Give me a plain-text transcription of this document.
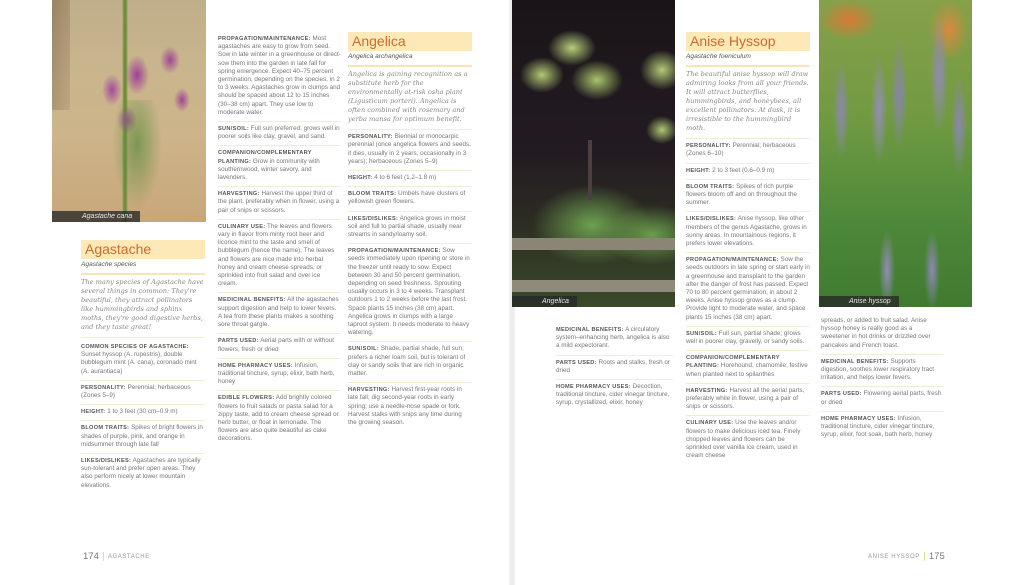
Agastache cana
Angelica	Anise hyssop
Agastache
Agastache species
The many species of Agastache have several things in common: They're beautiful, they attract pollinators like hummingbirds and sphinx moths, they're good digestive herbs, and they taste great!

COMMON SPECIES OF AGASTACHE: Sunset hyssop (A. rupestris), double bubblegum mint (A. cana), coronado mint (A. aurantiaca)

PERSONALITY: Perennial; herbaceous (Zones 5–9)

HEIGHT: 1 to 3 feet (30 cm–0.9 m)

BLOOM TRAITS: Spikes of bright flowers in shades of purple, pink, and orange in midsummer through late fall

LIKES/DISLIKES: Agastaches are typically sun-tolerant and prefer open areas. They also perform nicely at lower mountain elevations.

PROPAGATION/MAINTENANCE: Most agastaches are easy to grow from seed. Sow in late winter in a greenhouse or direct-sow them into the garden in late fall for spring emergence. Expect 40–75 percent germination, depending on the species, in 2 to 3 weeks. Agastaches grow in clumps and should be spaced about 12 to 15 inches (30–38 cm) apart. They use low to moderate water.

SUN/SOIL: Full sun preferred; grows well in poorer soils like clay, gravel, and sand.

COMPANION/COMPLEMENTARY PLANTING: Grow in community with southernwood, winter savory, and lavenders.

HARVESTING: Harvest the upper third of the plant, preferably when in flower, using a pair of snips or scissors.

CULINARY USE: The leaves and flowers vary in flavor from minty root beer and licorice mint to the taste and smell of bubblegum (hence the name). The leaves and flowers are nice made into herbal honey and cream cheese spreads, or sprinkled into fruit salad and over ice cream.

MEDICINAL BENEFITS: All the agastaches support digestion and help to lower fevers. A tea from these plants makes a soothing sore throat gargle.

PARTS USED: Aerial parts with or without flowers, fresh or dried

HOME PHARMACY USES: Infusion, traditional tincture, syrup, elixir, bath herb, honey

EDIBLE FLOWERS: Add brightly colored flowers to fruit salads or pasta salad for a zippy taste, add to cream cheese spread or herb butter, or float in lemonade. The flowers are also quite beautiful as cake decorations.

Angelica
Angelica archangelica
Angelica is gaining recognition as a substitute herb for the environmentally at-risk osha plant (Ligusticum porteri). Angelica is often combined with rosemary and yerba mansa for optimum benefit.

PERSONALITY: Biennial or monocarpic perennial (once angelica flowers and seeds, it dies, usually in 2 years, occasionally in 3 years); herbaceous (Zones 5–9)

HEIGHT: 4 to 6 feet (1.2–1.8 m)

BLOOM TRAITS: Umbels have clusters of yellowish green flowers.

LIKES/DISLIKES: Angelica grows in moist soil and full to partial shade, usually near streams in sandy/loamy soil.

PROPAGATION/MAINTENANCE: Sow seeds immediately upon ripening or store in the freezer until ready to sow. Expect between 30 and 50 percent germination, depending on seed freshness. Sprouting usually occurs in 3 to 4 weeks. Transplant outdoors 1 to 2 weeks before the last frost. Space plants 15 inches (38 cm) apart. Angelica grows in clumps with a large taproot system. It needs moderate to heavy watering.

SUN/SOIL: Shade, partial shade, full sun; prefers a richer loam soil, but is tolerant of clay or sandy soils that are rich in organic matter.

HARVESTING: Harvest first-year roots in late fall; dig second-year roots in early spring; use a needle-nose spade or fork. Harvest stalks with snips any time during the growing season.

MEDICINAL BENEFITS: A circulatory system–enhancing herb, angelica is also a mild expectorant.

PARTS USED: Roots and stalks, fresh or dried

HOME PHARMACY USES: Decoction, traditional tincture, cider vinegar tincture, syrup, crystallized, elixir, honey

Anise Hyssop
Agastache foeniculum
The beautiful anise hyssop will draw admiring looks from all your friends. It will attract butterflies, hummingbirds, and honeybees, all excellent pollinators. At dusk, it is irresistible to the hummingbird moth.

PERSONALITY: Perennial; herbaceous (Zones 6–10)

HEIGHT: 2 to 3 feet (0.6–0.9 m)

BLOOM TRAITS: Spikes of rich purple flowers bloom off and on throughout the summer.

LIKES/DISLIKES: Anise hyssop, like other members of the genus Agastache, grows in sunny areas. In mountainous regions, it prefers lower elevations.

PROPAGATION/MAINTENANCE: Sow the seeds outdoors in late spring or start early in a greenhouse and transplant to the garden after the danger of frost has passed. Expect 70 to 80 percent germination, in about 2 weeks. Anise hyssop grows as a clump. Provide light to moderate water, and space plants 15 inches (38 cm) apart.

SUN/SOIL: Full sun, partial shade; grows well in poorer clay, gravelly, or sandy soils.

COMPANION/COMPLEMENTARY PLANTING: Horehound, chamomile; festive when planted next to spilanthes

HARVESTING: Harvest all the aerial parts, preferably while in flower, using a pair of snips or scissors.

CULINARY USE: Use the leaves and/or flowers to make delicious iced tea. Finely chopped leaves and flowers can be sprinkled over vanilla ice cream, used in cream cheese

spreads, or added to fruit salad. Anise hyssop honey is really good as a sweetener in hot drinks or drizzled over pancakes and French toast.

MEDICINAL BENEFITS: Supports digestion, soothes lower respiratory tract irritation, and helps lower fevers.

PARTS USED: Flowering aerial parts, fresh or dried

HOME PHARMACY USES: Infusion, traditional tincture, cider vinegar tincture, syrup, elixir, foot soak, bath herb, honey

174 AGASTACHE	ANISE HYSSOP 175
